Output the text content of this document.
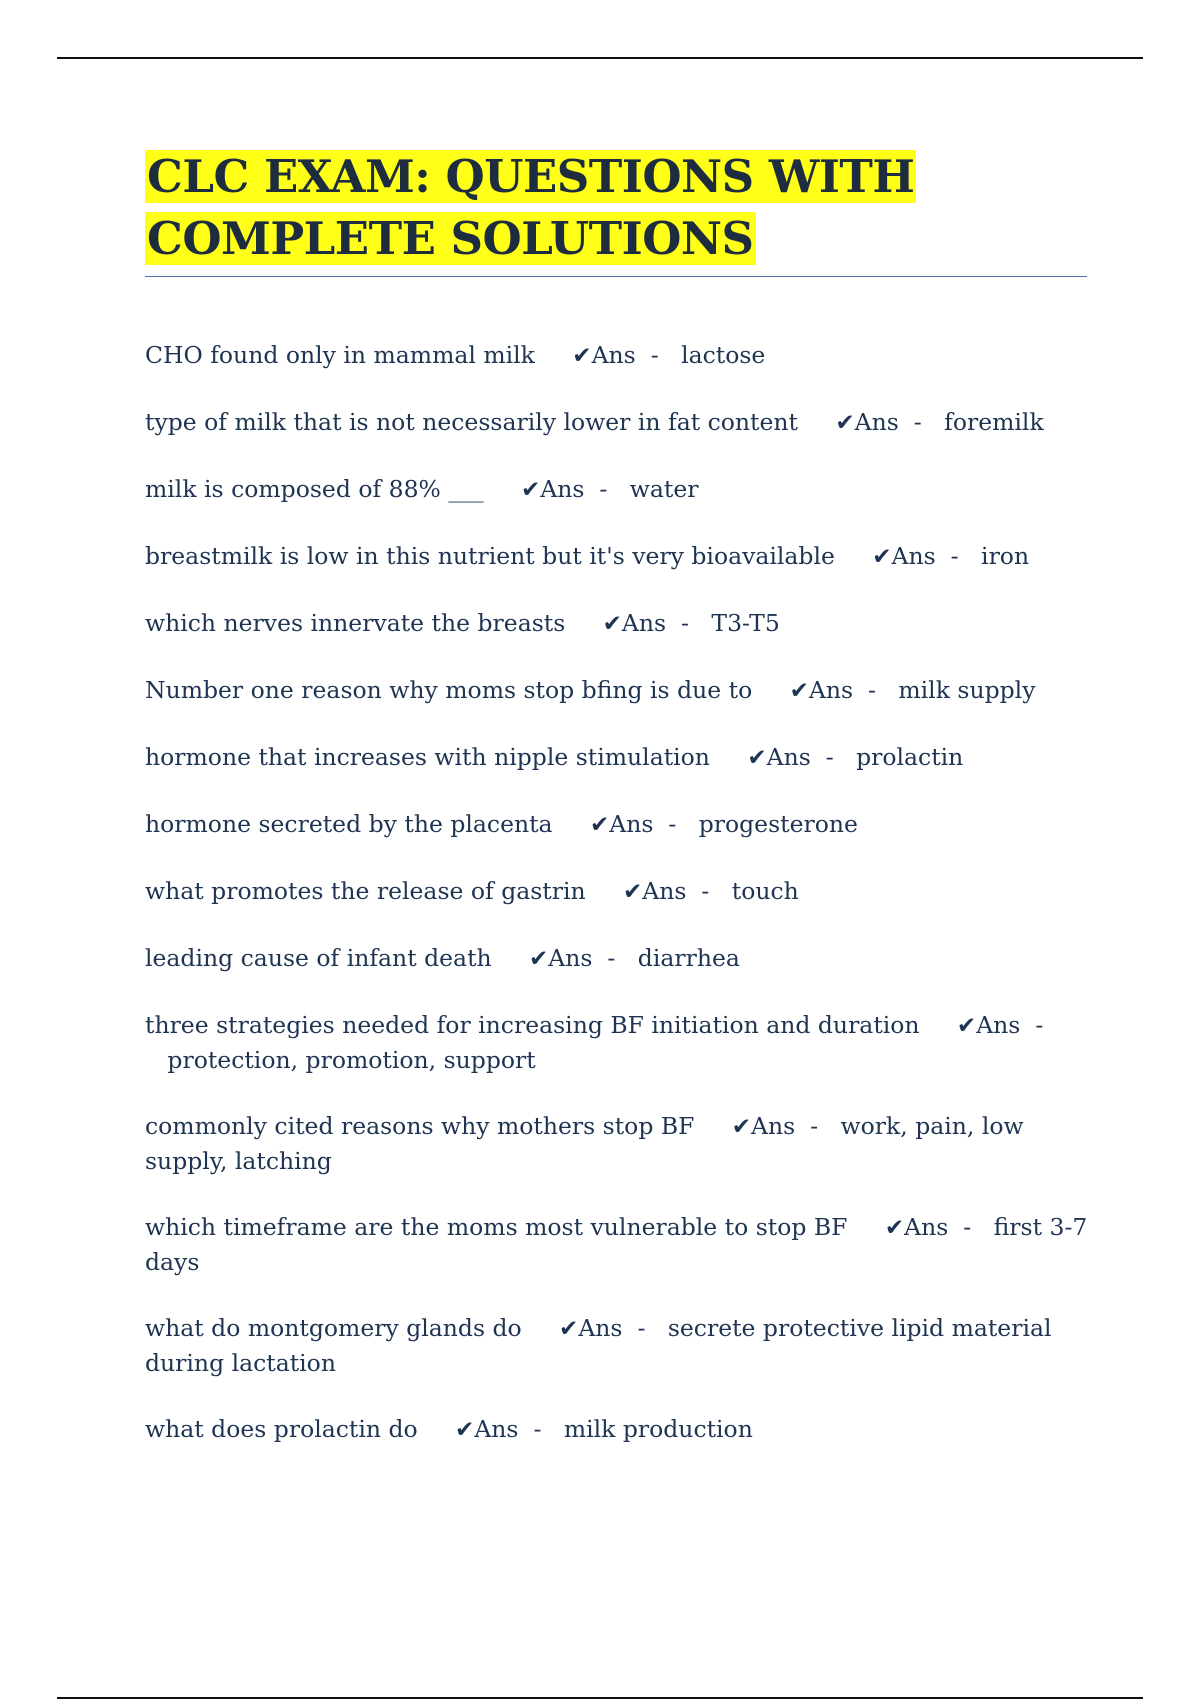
CLC EXAM: QUESTIONS WITH
COMPLETE SOLUTIONS
CHO found only in mammal milk ✔Ans - lactose
type of milk that is not necessarily lower in fat content ✔Ans - foremilk
milk is composed of 88% ___ ✔Ans - water
breastmilk is low in this nutrient but it's very bioavailable ✔Ans - iron
which nerves innervate the breasts ✔Ans - T3-T5
Number one reason why moms stop bfing is due to ✔Ans - milk supply
hormone that increases with nipple stimulation ✔Ans - prolactin
hormone secreted by the placenta ✔Ans - progesterone
what promotes the release of gastrin ✔Ans - touch
leading cause of infant death ✔Ans - diarrhea
three strategies needed for increasing BF initiation and duration ✔Ans -   protection, promotion, support
commonly cited reasons why mothers stop BF ✔Ans - work, pain, low supply, latching
which timeframe are the moms most vulnerable to stop BF ✔Ans - first 3-7 days
what do montgomery glands do ✔Ans - secrete protective lipid material during lactation
what does prolactin do ✔Ans - milk production
